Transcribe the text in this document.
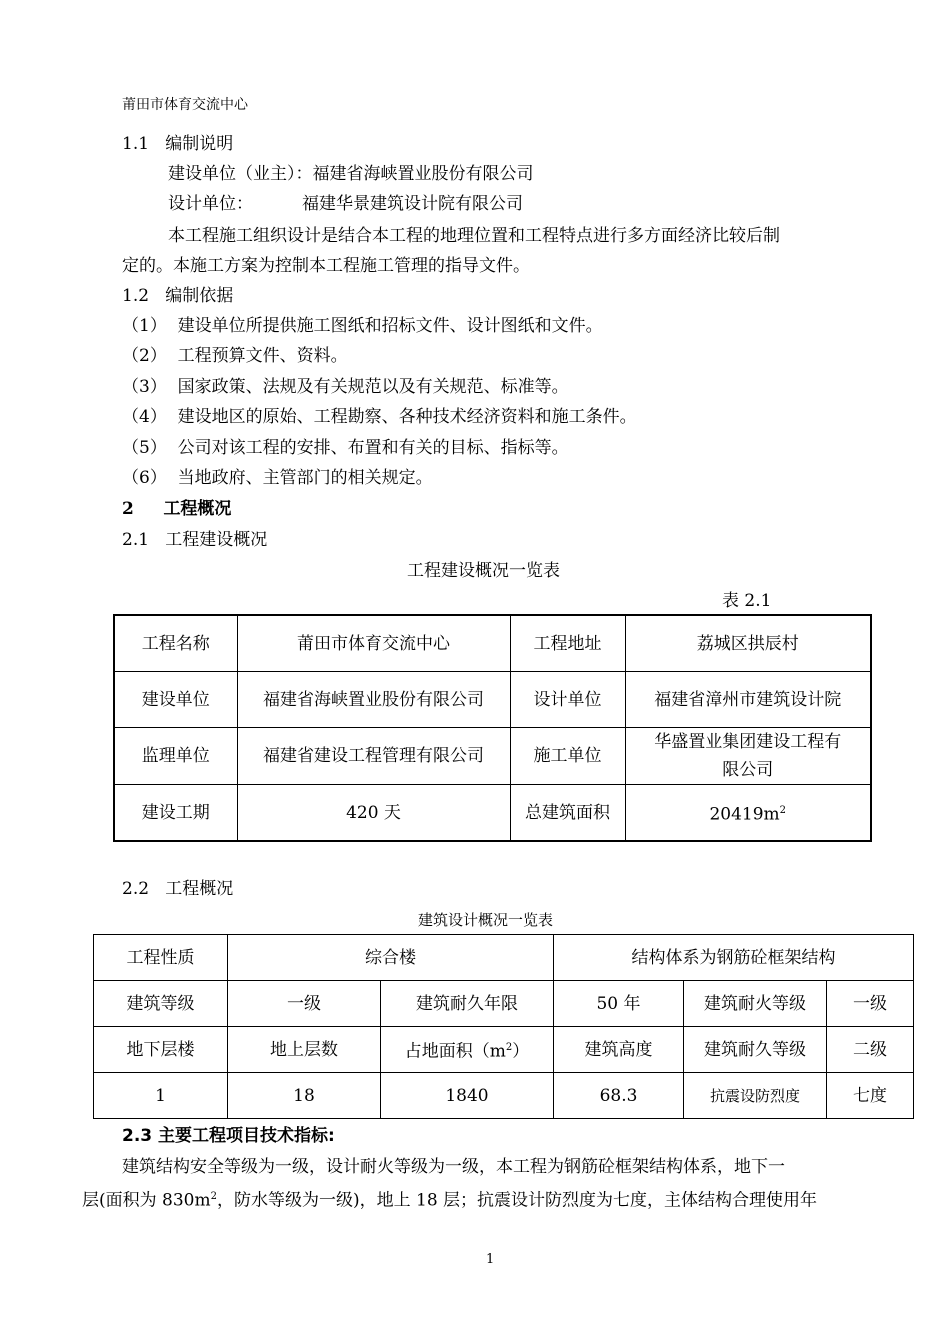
莆田市体育交流中心
1.1 编制说明
建设单位（业主）：福建省海峡置业股份有限公司
设计单位：	福建华景建筑设计院有限公司
本工程施工组织设计是结合本工程的地理位置和工程特点进行多方面经济比较后制
定的。本施工方案为控制本工程施工管理的指导文件。
1.2 编制依据
（1） 建设单位所提供施工图纸和招标文件、设计图纸和文件。
（2） 工程预算文件、资料。
（3） 国家政策、法规及有关规范以及有关规范、标准等。
（4） 建设地区的原始、工程勘察、各种技术经济资料和施工条件。
（5） 公司对该工程的安排、布置和有关的目标、指标等。
（6） 当地政府、主管部门的相关规定。
2 工程概况
2.1 工程建设概况
工程建设概况一览表
表 2.1
工程名称	莆田市体育交流中心	工程地址	荔城区拱辰村
建设单位	福建省海峡置业股份有限公司	设计单位	福建省漳州市建筑设计院
监理单位	福建省建设工程管理有限公司	施工单位	华盛置业集团建设工程有
限公司
建设工期	420 天	总建筑面积	$20419m^2$
2.2 工程概况
建筑设计概况一览表
工程性质	综合楼		结构体系为钢筋砼框架结构		
建筑等级	一级	建筑耐久年限	50 年	建筑耐火等级	一级
地下层楼	地上层数	占地面积$(m^2)$	建筑高度	建筑耐久等级	二级
1	18	1840	68.3	抗震设防烈度	七度
2.3 主要工程项目技术指标:
建筑结构安全等级为一级，设计耐火等级为一级，本工程为钢筋砼框架结构体系，地下一
层(面积为 $830m^2$，防水等级为一级)，地上 18 层；抗震设计防烈度为七度，主体结构合理使用年
1
